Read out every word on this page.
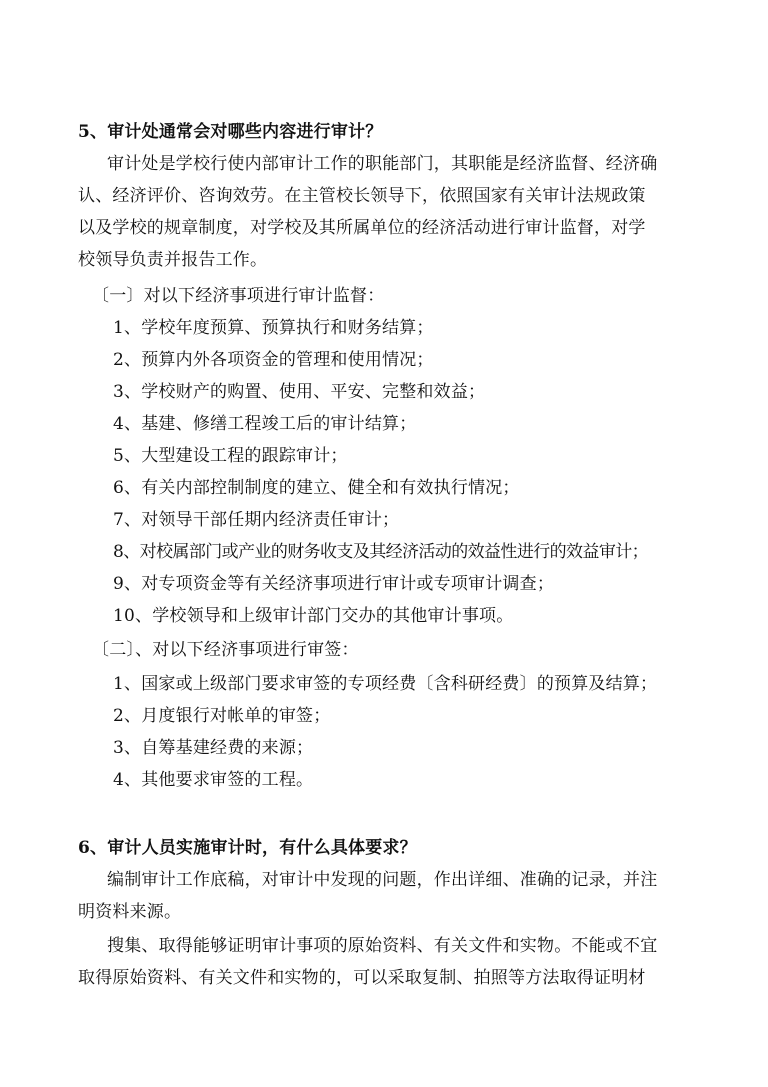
5、审计处通常会对哪些内容进行审计？
审计处是学校行使内部审计工作的职能部门，其职能是经济监督、经济确
认、经济评价、咨询效劳。在主管校长领导下，依照国家有关审计法规政策
以及学校的规章制度，对学校及其所属单位的经济活动进行审计监督，对学
校领导负责并报告工作。
〔一〕对以下经济事项进行审计监督：
1、学校年度预算、预算执行和财务结算；
2、预算内外各项资金的管理和使用情况；
3、学校财产的购置、使用、平安、完整和效益；
4、基建、修缮工程竣工后的审计结算；
5、大型建设工程的跟踪审计；
6、有关内部控制制度的建立、健全和有效执行情况；
7、对领导干部任期内经济责任审计；
8、对校属部门或产业的财务收支及其经济活动的效益性进行的效益审计；
9、对专项资金等有关经济事项进行审计或专项审计调查；
10、学校领导和上级审计部门交办的其他审计事项。
〔二〕、对以下经济事项进行审签：
1、国家或上级部门要求审签的专项经费〔含科研经费〕的预算及结算；
2、月度银行对帐单的审签；
3、自筹基建经费的来源；
4、其他要求审签的工程。
6、审计人员实施审计时，有什么具体要求？
编制审计工作底稿，对审计中发现的问题，作出详细、准确的记录，并注
明资料来源。
搜集、取得能够证明审计事项的原始资料、有关文件和实物。不能或不宜
取得原始资料、有关文件和实物的，可以采取复制、拍照等方法取得证明材
